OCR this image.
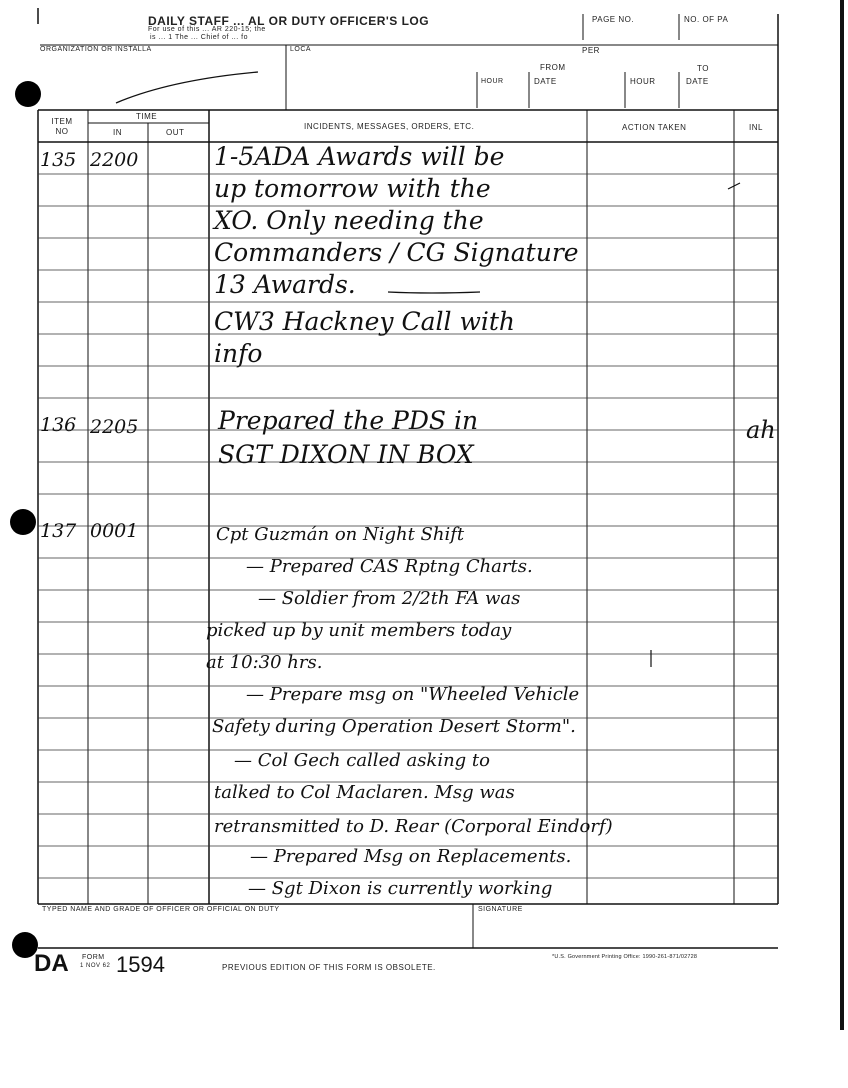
DAILY STAFF ... AL OR DUTY OFFICER'S LOG
For use of this ... AR 220-15; the
is ... 1 The ... Chief of ... fo
PAGE NO.	NO. OF PA
ORGANIZATION OR INSTALLA	LOCA	PER
FROM	TO
HOUR	DATE	HOUR	DATE
ITEM NO
TIME
IN	OUT
INCIDENTS, MESSAGES, ORDERS, ETC.	ACTION TAKEN	INL
135 2200	1-5ADA Awards will be
up tomorrow with the
XO. Only needing the
Commanders / CG Signature
13 Awards.
CW3 Hackney Call with
info
136 2205	Prepared the PDS in
SGT DIXON IN BOX
ah
137 0001	Cpt Guzmán on Night Shift
— Prepared CAS Rptng Charts.
— Soldier from 2/2th FA was
picked up by unit members today
at 10:30 hrs.
— Prepare msg on "Wheeled Vehicle
Safety during Operation Desert Storm".
— Col Gech called asking to
talked to Col Maclaren. Msg was
retransmitted to D. Rear (Corporal Eindorf)
— Prepared Msg on Replacements.
— Sgt Dixon is currently working
TYPED NAME AND GRADE OF OFFICER OR OFFICIAL ON DUTY	SIGNATURE
DA FORM
1 NOV 62 1594	PREVIOUS EDITION OF THIS FORM IS OBSOLETE.
*U.S. Government Printing Office: 1990-261-871/02728
